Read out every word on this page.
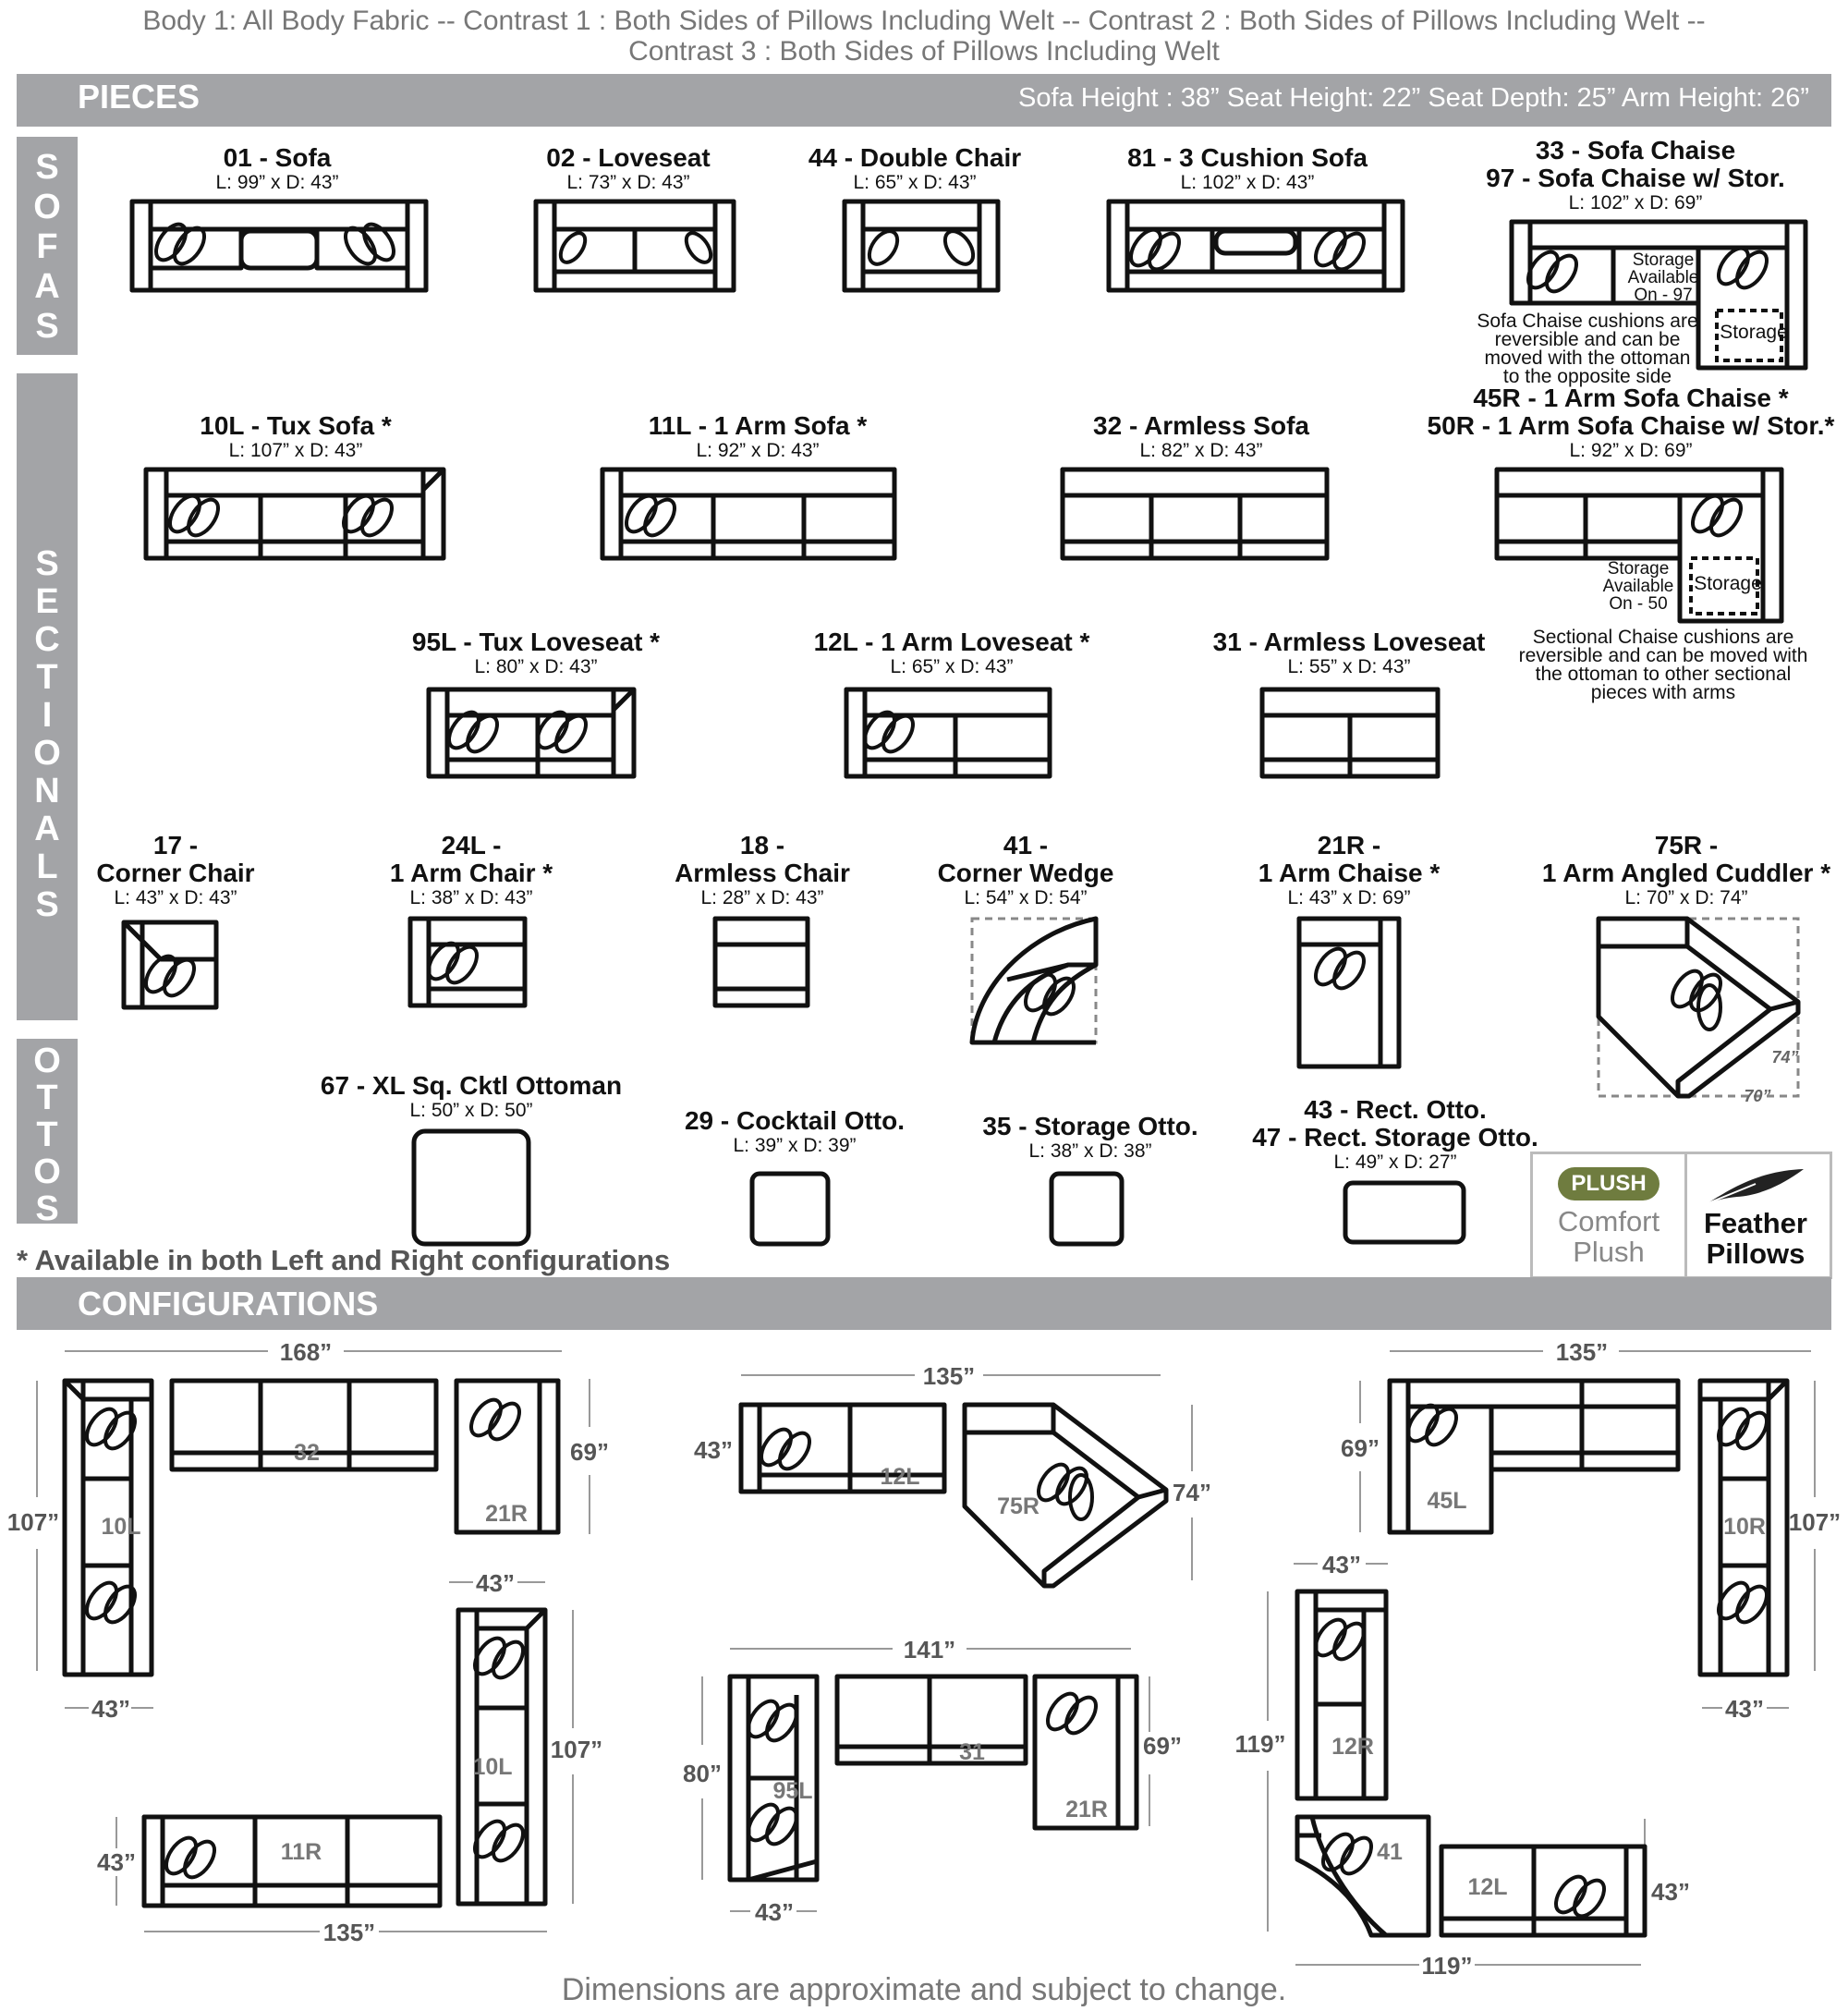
Body 1: All Body Fabric -- Contrast 1 : Both Sides of Pillows Including Welt -- Contrast 2 : Both Sides of Pillows Including Welt --
Contrast 3 : Both Sides of Pillows Including Welt
PIECES	Sofa Height : 38” Seat Height: 22” Seat Depth: 25” Arm Height: 26”
S
O
F
A
S
S
E
C
T
I
O
N
A
L
S
O
T
T
O
S
01 - Sofa
L: 99” x D: 43”
02 - Loveseat
L: 73” x D: 43”
44 - Double Chair
L: 65” x D: 43”
81 - 3 Cushion Sofa
L: 102” x D: 43”
33 - Sofa Chaise
97 - Sofa Chaise w/ Stor.
L: 102” x D: 69”
Storage
Available
On - 97
Storage
Sofa Chaise cushions are
reversible and can be
moved with the ottoman
to the opposite side
10L - Tux Sofa *
L: 107” x D: 43”
11L - 1 Arm Sofa *
L: 92” x D: 43”
32 - Armless Sofa
L: 82” x D: 43”
45R - 1 Arm Sofa Chaise *
50R - 1 Arm Sofa Chaise w/ Stor.*
L: 92” x D: 69”
Storage
Available
On - 50
Storage
Sectional Chaise cushions are
reversible and can be moved with
the ottoman to other sectional
pieces with arms
95L - Tux Loveseat *
L: 80” x D: 43”
12L - 1 Arm Loveseat *
L: 65” x D: 43”
31 - Armless Loveseat
L: 55” x D: 43”
17 -
Corner Chair
L: 43” x D: 43”
24L -
1 Arm Chair *
L: 38” x D: 43”
18 -
Armless Chair
L: 28” x D: 43”
41 -
Corner Wedge
L: 54” x D: 54”
21R -
1 Arm Chaise *
L: 43” x D: 69”
75R -
1 Arm Angled Cuddler *
L: 70” x D: 74”
67 - XL Sq. Cktl Ottoman
L: 50” x D: 50”	29 - Cocktail Otto.
L: 39” x D: 39”
35 - Storage Otto.
L: 38” x D: 38”
43 - Rect. Otto.
47 - Rect. Storage Otto.
L: 49” x D: 27”
PLUSH
Comfort
Plush
Feather
Pillows
* Available in both Left and Right configurations
CONFIGURATIONS
74”
70”
168”
107”
43”
69”
32
10L	21R
135”
43”
74”
12L
75R
135”
69”
107”
43”
45L
10R
43”
107”
43”
135”
10L
11R
141”
80”
69”
43”
31
95L
21R
43”
119”
43”
119”
12R
41
12L
Dimensions are approximate and subject to change.
